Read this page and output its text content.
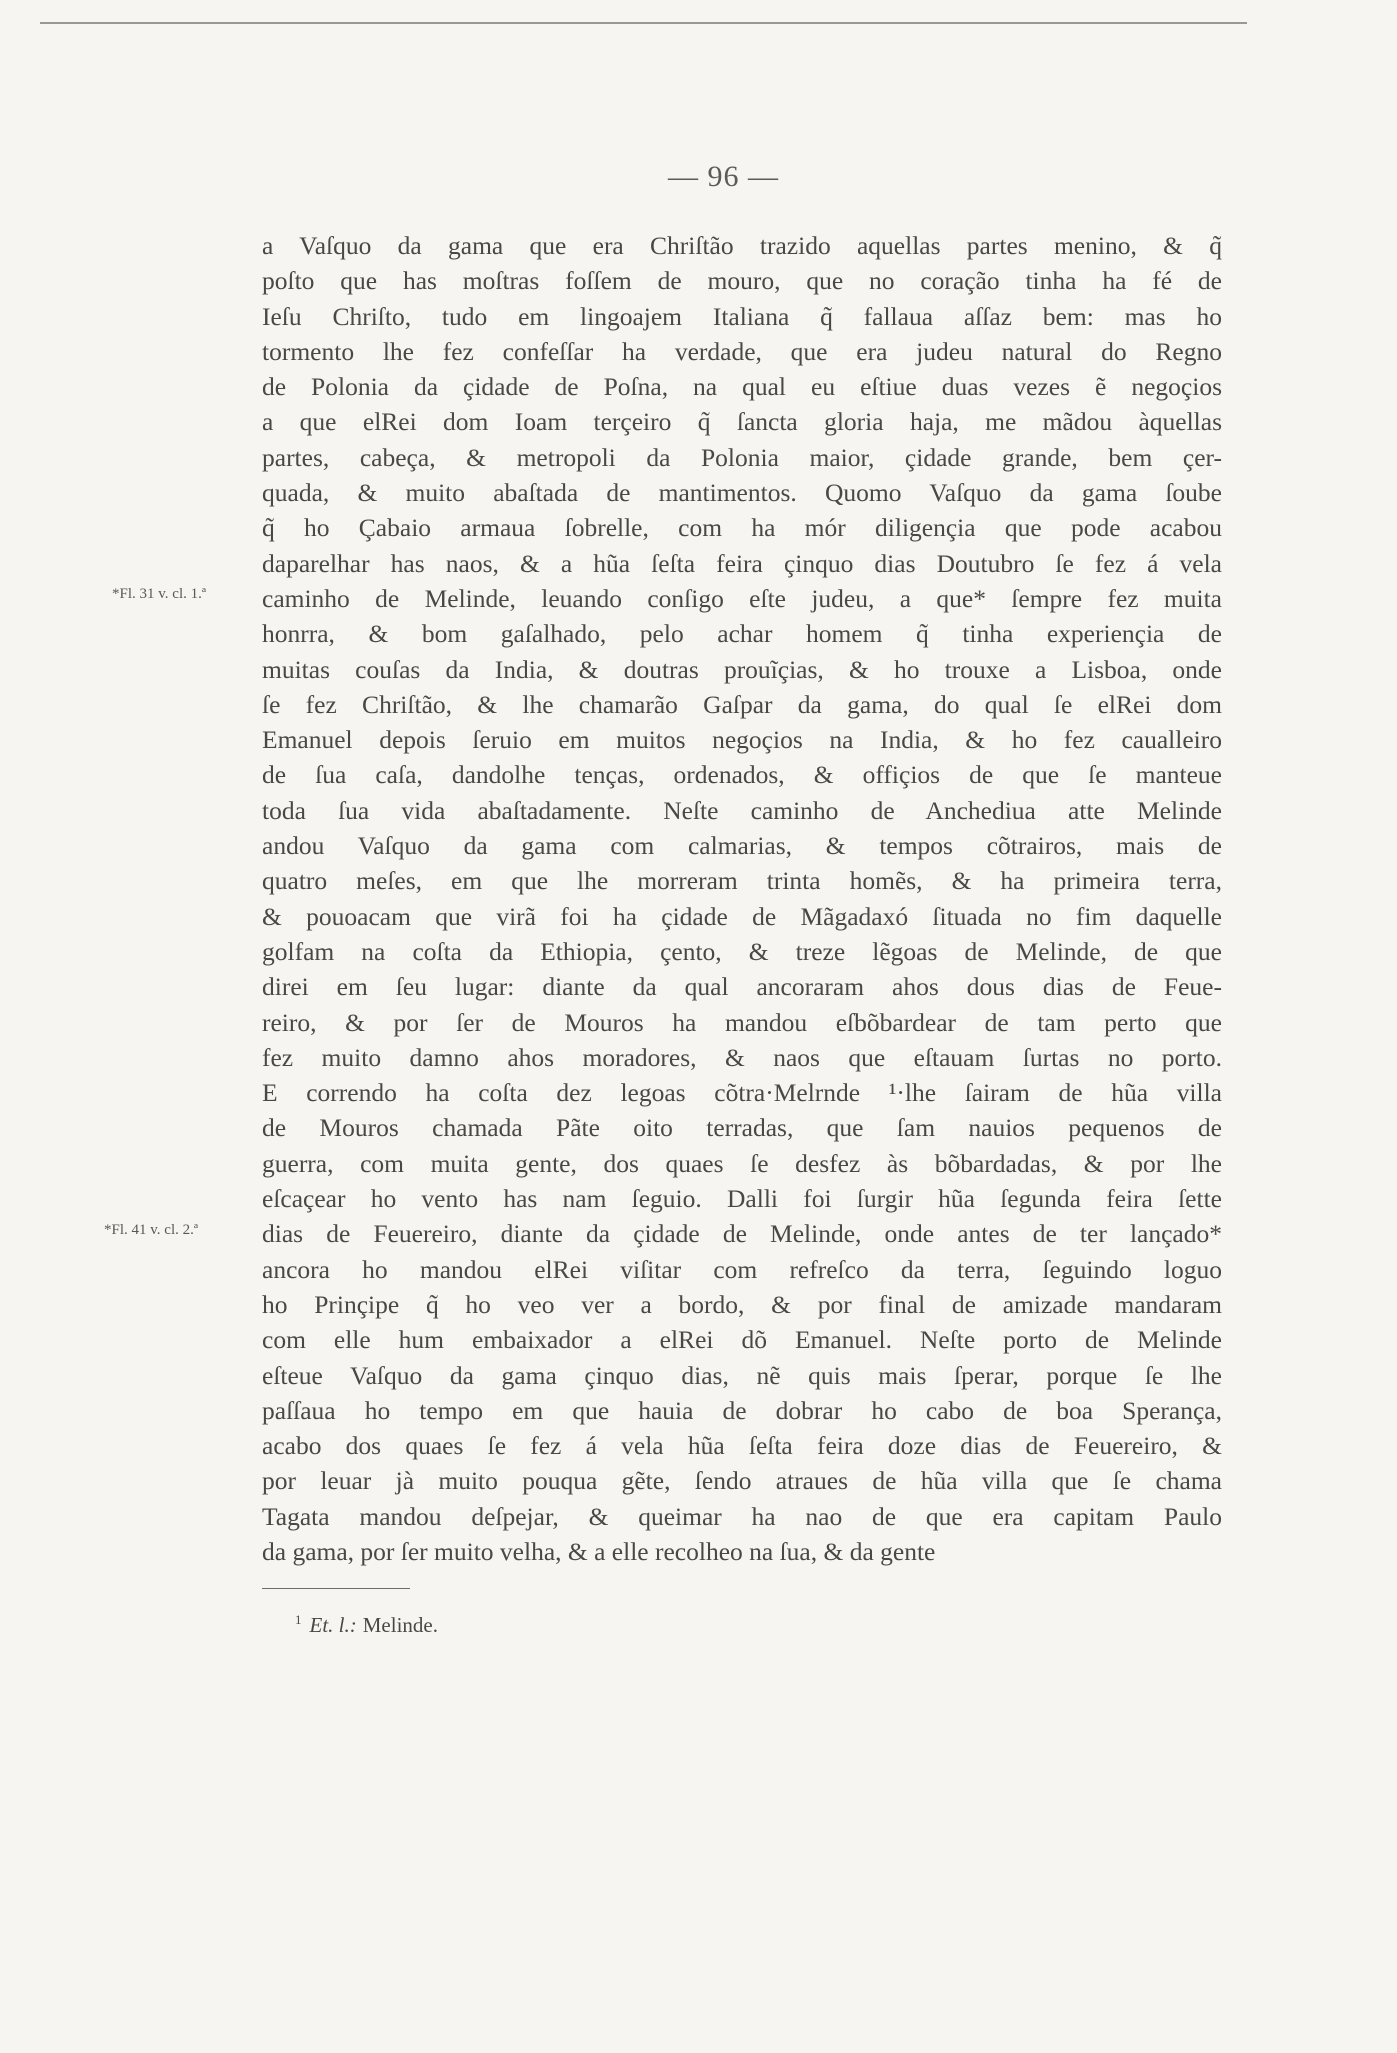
— 96 —
a Vaſquo da gama que era Chriſtão trazido aquellas partes menino, & q̃
poſto que has moſtras foſſem de mouro, que no coração tinha ha fé de
Ieſu Chriſto, tudo em lingoajem Italiana q̃ fallaua aſſaz bem: mas ho
tormento lhe fez confeſſar ha verdade, que era judeu natural do Regno
de Polonia da çidade de Poſna, na qual eu eſtiue duas vezes ẽ negoçios
a que elRei dom Ioam terçeiro q̃ ſancta gloria haja, me mãdou àquellas
partes, cabeça, & metropoli da Polonia maior, çidade grande, bem çer-
quada, & muito abaſtada de mantimentos. Quomo Vaſquo da gama ſoube
q̃ ho Çabaio armaua ſobrelle, com ha mór diligençia que pode acabou
daparelhar has naos, & a hũa ſeſta feira çinquo dias Doutubro ſe fez á vela
caminho de Melinde, leuando conſigo eſte judeu, a que* ſempre fez muita
honrra, & bom gaſalhado, pelo achar homem q̃ tinha experiençia de
muitas couſas da India, & doutras prouĩçias, & ho trouxe a Lisboa, onde
ſe fez Chriſtão, & lhe chamarão Gaſpar da gama, do qual ſe elRei dom
Emanuel depois ſeruio em muitos negoçios na India, & ho fez caualleiro
de ſua caſa, dandolhe tenças, ordenados, & offiçios de que ſe manteue
toda ſua vida abaſtadamente. Neſte caminho de Anchediua atte Melinde
andou Vaſquo da gama com calmarias, & tempos cõtrairos, mais de
quatro meſes, em que lhe morreram trinta homẽs, & ha primeira terra,
& pouoacam que virã foi ha çidade de Mãgadaxó ſituada no fim daquelle
golfam na coſta da Ethiopia, çento, & treze lẽgoas de Melinde, de que
direi em ſeu lugar: diante da qual ancoraram ahos dous dias de Feue-
reiro, & por ſer de Mouros ha mandou eſbõbardear de tam perto que
fez muito damno ahos moradores, & naos que eſtauam ſurtas no porto.
E correndo ha coſta dez legoas cõtra·Melrnde ¹·lhe ſairam de hũa villa
de Mouros chamada Pãte oito terradas, que ſam nauios pequenos de
guerra, com muita gente, dos quaes ſe desfez às bõbardadas, & por lhe
eſcaçear ho vento has nam ſeguio. Dalli foi ſurgir hũa ſegunda feira ſette
dias de Feuereiro, diante da çidade de Melinde, onde antes de ter lançado*
ancora ho mandou elRei viſitar com refreſco da terra, ſeguindo loguo
ho Prinçipe q̃ ho veo ver a bordo, & por final de amizade mandaram
com elle hum embaixador a elRei dõ Emanuel. Neſte porto de Melinde
eſteue Vaſquo da gama çinquo dias, nẽ quis mais ſperar, porque ſe lhe
paſſaua ho tempo em que hauia de dobrar ho cabo de boa Sperança,
acabo dos quaes ſe fez á vela hũa ſeſta feira doze dias de Feuereiro, &
por leuar jà muito pouqua gẽte, ſendo atraues de hũa villa que ſe chama
Tagata mandou deſpejar, & queimar ha nao de que era capitam Paulo
da gama, por ſer muito velha, & a elle recolheo na ſua, & da gente
*Fl. 31 v. cl. 1.ª
*Fl. 41 v. cl. 2.ª
$^1$ Et. l.: Melinde.
